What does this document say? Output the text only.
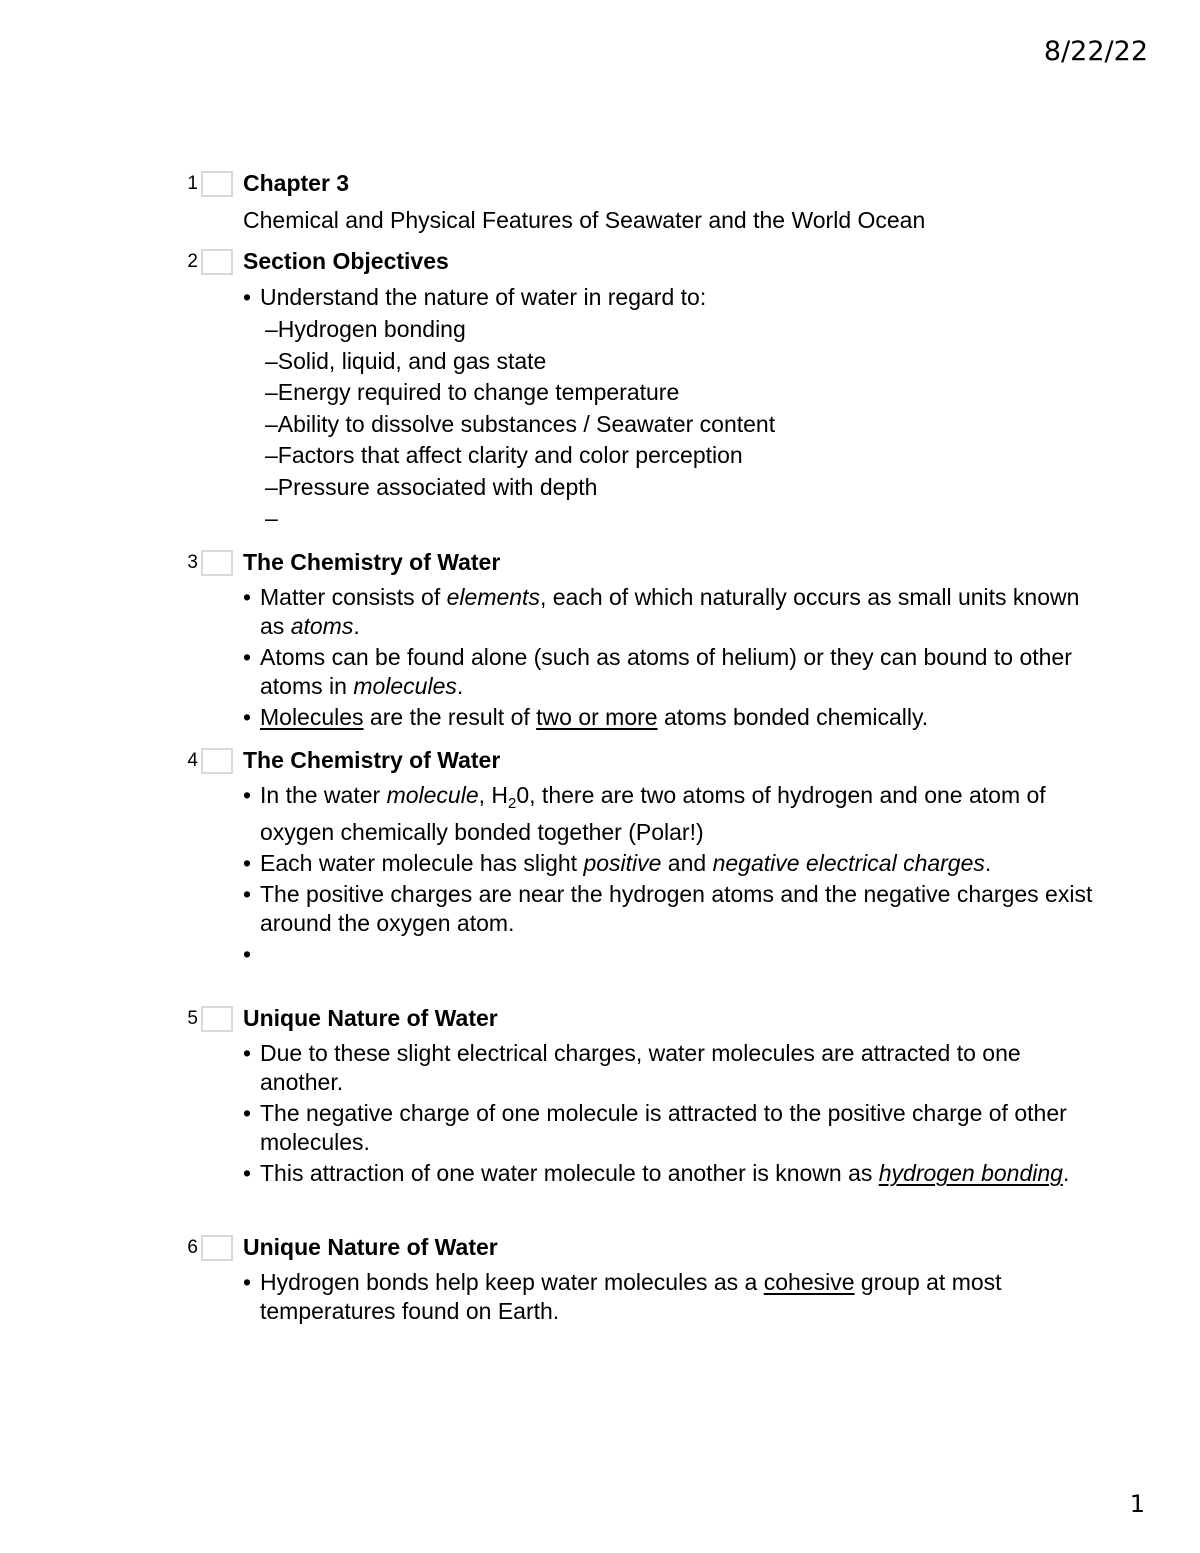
8/22/22
1 Chapter 3
Chemical and Physical Features of Seawater and the World Ocean
2 Section Objectives
• Understand the nature of water in regard to:
–Hydrogen bonding
–Solid, liquid, and gas state
–Energy required to change temperature
–Ability to dissolve substances / Seawater content
–Factors that affect clarity and color perception
–Pressure associated with depth
–
3 The Chemistry of Water
• Matter consists of elements, each of which naturally occurs as small units known as atoms.
• Atoms can be found alone (such as atoms of helium) or they can bound to other atoms in molecules.
• Molecules are the result of two or more atoms bonded chemically.
4 The Chemistry of Water
• In the water molecule, $H_20$, there are two atoms of hydrogen and one atom of oxygen chemically bonded together (Polar!)
• Each water molecule has slight positive and negative electrical charges.
• The positive charges are near the hydrogen atoms and the negative charges exist around the oxygen atom.
•
5 Unique Nature of Water
• Due to these slight electrical charges, water molecules are attracted to one another.
• The negative charge of one molecule is attracted to the positive charge of other molecules.
• This attraction of one water molecule to another is known as hydrogen bonding.
6 Unique Nature of Water
• Hydrogen bonds help keep water molecules as a cohesive group at most temperatures found on Earth.
1
